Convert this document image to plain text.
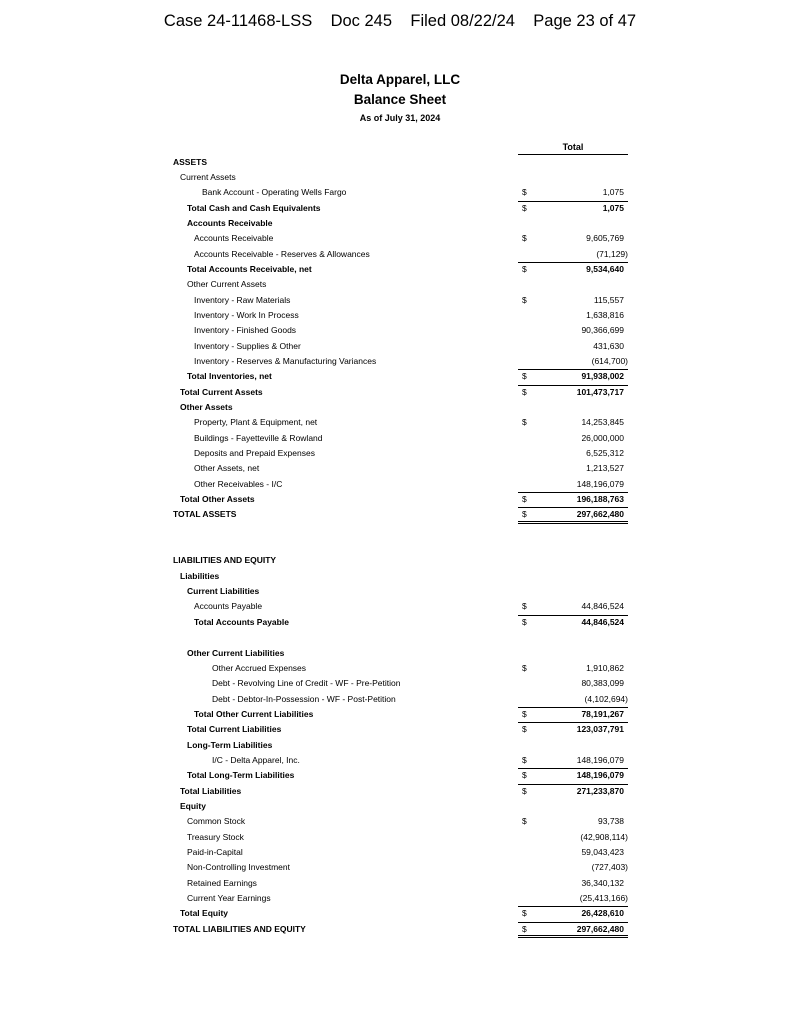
Case 24-11468-LSS Doc 245 Filed 08/22/24 Page 23 of 47
Delta Apparel, LLC
Balance Sheet
As of July 31, 2024
Total
ASSETS
Current Assets
Bank Account - Operating Wells Fargo	$	1,075
Total Cash and Cash Equivalents	$	1,075
Accounts Receivable
Accounts Receivable	$	9,605,769
Accounts Receivable - Reserves & Allowances	(71,129)
Total Accounts Receivable, net	$	9,534,640
Other Current Assets
Inventory - Raw Materials	$	115,557
Inventory - Work In Process	1,638,816
Inventory - Finished Goods	90,366,699
Inventory - Supplies & Other	431,630
Inventory - Reserves & Manufacturing Variances	(614,700)
Total Inventories, net	$	91,938,002
Total Current Assets	$	101,473,717
Other Assets
Property, Plant & Equipment, net	$	14,253,845
Buildings - Fayetteville & Rowland	26,000,000
Deposits and Prepaid Expenses	6,525,312
Other Assets, net	1,213,527
Other Receivables - I/C	148,196,079
Total Other Assets	$	196,188,763
TOTAL ASSETS	$	297,662,480
LIABILITIES AND EQUITY
Liabilities
Current Liabilities
Accounts Payable	$	44,846,524
Total Accounts Payable	$	44,846,524
Other Current Liabilities
Other Accrued Expenses	$	1,910,862
Debt - Revolving Line of Credit - WF - Pre-Petition	80,383,099
Debt - Debtor-In-Possession - WF - Post-Petition	(4,102,694)
Total Other Current Liabilities	$	78,191,267
Total Current Liabilities	$	123,037,791
Long-Term Liabilities
I/C - Delta Apparel, Inc.	$	148,196,079
Total Long-Term Liabilities	$	148,196,079
Total Liabilities	$	271,233,870
Equity
Common Stock	$	93,738
Treasury Stock	(42,908,114)
Paid-in-Capital	59,043,423
Non-Controlling Investment	(727,403)
Retained Earnings	36,340,132
Current Year Earnings	(25,413,166)
Total Equity	$	26,428,610
TOTAL LIABILITIES AND EQUITY	$	297,662,480
